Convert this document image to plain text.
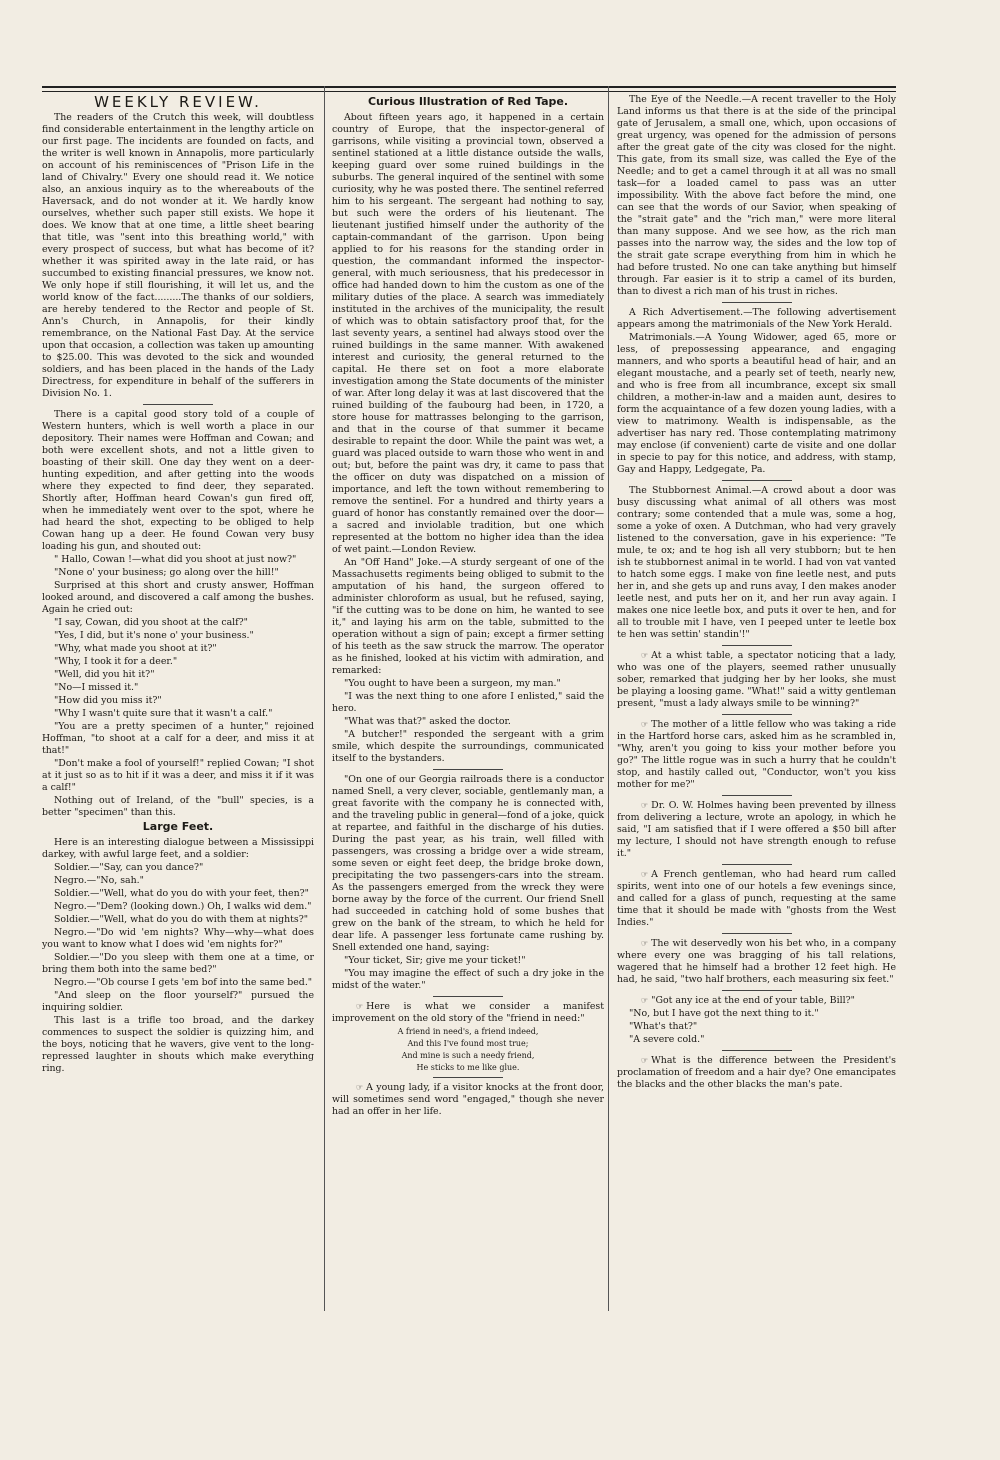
WEEKLY REVIEW.

The readers of the Crutch this week, will doubtless find considerable entertainment in the lengthy article on our first page. The incidents are founded on facts, and the writer is well known in Annapolis, more particularly on account of his reminiscences of "Prison Life in the land of Chivalry." Every one should read it. We notice also, an anxious inquiry as to the whereabouts of the Haversack, and do not wonder at it. We hardly know ourselves, whether such paper still exists. We hope it does. We know that at one time, a little sheet bearing that title, was "sent into this breathing world," with every prospect of success, but what has become of it? whether it was spirited away in the late raid, or has succumbed to existing financial pressures, we know not. We only hope if still flourishing, it will let us, and the world know of the fact.........The thanks of our soldiers, are hereby tendered to the Rector and people of St. Ann's Church, in Annapolis, for their kindly remembrance, on the National Fast Day. At the service upon that occasion, a collection was taken up amounting to $25.00. This was devoted to the sick and wounded soldiers, and has been placed in the hands of the Lady Directress, for expenditure in behalf of the sufferers in Division No. 1.

There is a capital good story told of a couple of Western hunters, which is well worth a place in our depository. Their names were Hoffman and Cowan; and both were excellent shots, and not a little given to boasting of their skill. One day they went on a deer-hunting expedition, and after getting into the woods where they expected to find deer, they separated. Shortly after, Hoffman heard Cowan's gun fired off, when he immediately went over to the spot, where he had heard the shot, expecting to be obliged to help Cowan hang up a deer. He found Cowan very busy loading his gun, and shouted out:

" Hallo, Cowan !—what did you shoot at just now?"

"None o' your business; go along over the hill!"

Surprised at this short and crusty answer, Hoffman looked around, and discovered a calf among the bushes. Again he cried out:

"I say, Cowan, did you shoot at the calf?"

"Yes, I did, but it's none o' your business."

"Why, what made you shoot at it?"

"Why, I took it for a deer."

"Well, did you hit it?"

"No—I missed it."

"How did you miss it?"

"Why I wasn't quite sure that it wasn't a calf."

"You are a pretty specimen of a hunter," rejoined Hoffman, "to shoot at a calf for a deer, and miss it at that!"

"Don't make a fool of yourself!" replied Cowan; "I shot at it just so as to hit if it was a deer, and miss it if it was a calf!"

Nothing out of Ireland, of the "bull" species, is a better "specimen" than this.

Large Feet.

Here is an interesting dialogue between a Mississippi darkey, with awful large feet, and a soldier:

Soldier.—"Say, can you dance?"

Negro.—"No, sah."

Soldier.—"Well, what do you do with your feet, then?"

Negro.—"Dem? (looking down.) Oh, I walks wid dem."

Soldier.—"Well, what do you do with them at nights?"

Negro.—"Do wid 'em nights? Why—why—what does you want to know what I does wid 'em nights for?"

Soldier.—"Do you sleep with them one at a time, or bring them both into the same bed?"

Negro.—"Ob course I gets 'em bof into the same bed."

"And sleep on the floor yourself?" pursued the inquiring soldier.

This last is a trifle too broad, and the darkey commences to suspect the soldier is quizzing him, and the boys, noticing that he wavers, give vent to the long-repressed laughter in shouts which make everything ring.

Curious Illustration of Red Tape.

About fifteen years ago, it happened in a certain country of Europe, that the inspector-general of garrisons, while visiting a provincial town, observed a sentinel stationed at a little distance outside the walls, keeping guard over some ruined buildings in the suburbs. The general inquired of the sentinel with some curiosity, why he was posted there. The sentinel referred him to his sergeant. The sergeant had nothing to say, but such were the orders of his lieutenant. The lieutenant justified himself under the authority of the captain-commandant of the garrison. Upon being applied to for his reasons for the standing order in question, the commandant informed the inspector-general, with much seriousness, that his predecessor in office had handed down to him the custom as one of the military duties of the place. A search was immediately instituted in the archives of the municipality, the result of which was to obtain satisfactory proof that, for the last seventy years, a sentinel had always stood over the ruined buildings in the same manner. With awakened interest and curiosity, the general returned to the capital. He there set on foot a more elaborate investigation among the State documents of the minister of war. After long delay it was at last discovered that the ruined building of the faubourg had been, in 1720, a store house for mattrasses belonging to the garrison, and that in the course of that summer it became desirable to repaint the door. While the paint was wet, a guard was placed outside to warn those who went in and out; but, before the paint was dry, it came to pass that the officer on duty was dispatched on a mission of importance, and left the town without remembering to remove the sentinel. For a hundred and thirty years a guard of honor has constantly remained over the door—a sacred and inviolable tradition, but one which represented at the bottom no higher idea than the idea of wet paint.—London Review.

An "Off Hand" Joke.—A sturdy sergeant of one of the Massachusetts regiments being obliged to submit to the amputation of his hand, the surgeon offered to administer chloroform as usual, but he refused, saying, "if the cutting was to be done on him, he wanted to see it," and laying his arm on the table, submitted to the operation without a sign of pain; except a firmer setting of his teeth as the saw struck the marrow. The operator as he finished, looked at his victim with admiration, and remarked:

"You ought to have been a surgeon, my man."

"I was the next thing to one afore I enlisted," said the hero.

"What was that?" asked the doctor.

"A butcher!" responded the sergeant with a grim smile, which despite the surroundings, communicated itself to the bystanders.

"On one of our Georgia railroads there is a conductor named Snell, a very clever, sociable, gentlemanly man, a great favorite with the company he is connected with, and the traveling public in general—fond of a joke, quick at repartee, and faithful in the discharge of his duties. During the past year, as his train, well filled with passengers, was crossing a bridge over a wide stream, some seven or eight feet deep, the bridge broke down, precipitating the two passengers-cars into the stream. As the passengers emerged from the wreck they were borne away by the force of the current. Our friend Snell had succeeded in catching hold of some bushes that grew on the bank of the stream, to which he held for dear life. A passenger less fortunate came rushing by. Snell extended one hand, saying:

"Your ticket, Sir; give me your ticket!"

"You may imagine the effect of such a dry joke in the midst of the water."

☞ Here is what we consider a manifest improvement on the old story of the "friend in need:"

A friend in need's, a friend indeed,
And this I've found most true;
And mine is such a needy friend,
He sticks to me like glue.

☞ A young lady, if a visitor knocks at the front door, will sometimes send word "engaged," though she never had an offer in her life.

The Eye of the Needle.—A recent traveller to the Holy Land informs us that there is at the side of the principal gate of Jerusalem, a small one, which, upon occasions of great urgency, was opened for the admission of persons after the great gate of the city was closed for the night. This gate, from its small size, was called the Eye of the Needle; and to get a camel through it at all was no small task—for a loaded camel to pass was an utter impossibility. With the above fact before the mind, one can see that the words of our Savior, when speaking of the "strait gate" and the "rich man," were more literal than many suppose. And we see how, as the rich man passes into the narrow way, the sides and the low top of the strait gate scrape everything from him in which he had before trusted. No one can take anything but himself through. Far easier is it to strip a camel of its burden, than to divest a rich man of his trust in riches.

A Rich Advertisement.—The following advertisement appears among the matrimonials of the New York Herald.

Matrimonials.—A Young Widower, aged 65, more or less, of prepossessing appearance, and engaging manners, and who sports a beautiful head of hair, and an elegant moustache, and a pearly set of teeth, nearly new, and who is free from all incumbrance, except six small children, a mother-in-law and a maiden aunt, desires to form the acquaintance of a few dozen young ladies, with a view to matrimony. Wealth is indispensable, as the advertiser has nary red. Those contemplating matrimony may enclose (if convenient) carte de visite and one dollar in specie to pay for this notice, and address, with stamp, Gay and Happy, Ledgegate, Pa.

The Stubbornest Animal.—A crowd about a door was busy discussing what animal of all others was most contrary; some contended that a mule was, some a hog, some a yoke of oxen. A Dutchman, who had very gravely listened to the conversation, gave in his experience: "Te mule, te ox; and te hog ish all very stubborn; but te hen ish te stubbornest animal in te world. I had von vat vanted to hatch some eggs. I make von fine leetle nest, and puts her in, and she gets up and runs avay, I den makes anoder leetle nest, and puts her on it, and her run avay again. I makes one nice leetle box, and puts it over te hen, and for all to trouble mit I have, ven I peeped unter te leetle box te hen was settin' standin'!"

☞ At a whist table, a spectator noticing that a lady, who was one of the players, seemed rather unusually sober, remarked that judging her by her looks, she must be playing a loosing game. "What!" said a witty gentleman present, "must a lady always smile to be winning?"

☞ The mother of a little fellow who was taking a ride in the Hartford horse cars, asked him as he scrambled in, "Why, aren't you going to kiss your mother before you go?" The little rogue was in such a hurry that he couldn't stop, and hastily called out, "Conductor, won't you kiss mother for me?"

☞ Dr. O. W. Holmes having been prevented by illness from delivering a lecture, wrote an apology, in which he said, "I am satisfied that if I were offered a $50 bill after my lecture, I should not have strength enough to refuse it."

☞ A French gentleman, who had heard rum called spirits, went into one of our hotels a few evenings since, and called for a glass of punch, requesting at the same time that it should be made with "ghosts from the West Indies."

☞ The wit deservedly won his bet who, in a company where every one was bragging of his tall relations, wagered that he himself had a brother 12 feet high. He had, he said, "two half brothers, each measuring six feet."

☞ "Got any ice at the end of your table, Bill?"

"No, but I have got the next thing to it."

"What's that?"

"A severe cold."

☞ What is the difference between the President's proclamation of freedom and a hair dye? One emancipates the blacks and the other blacks the man's pate.
